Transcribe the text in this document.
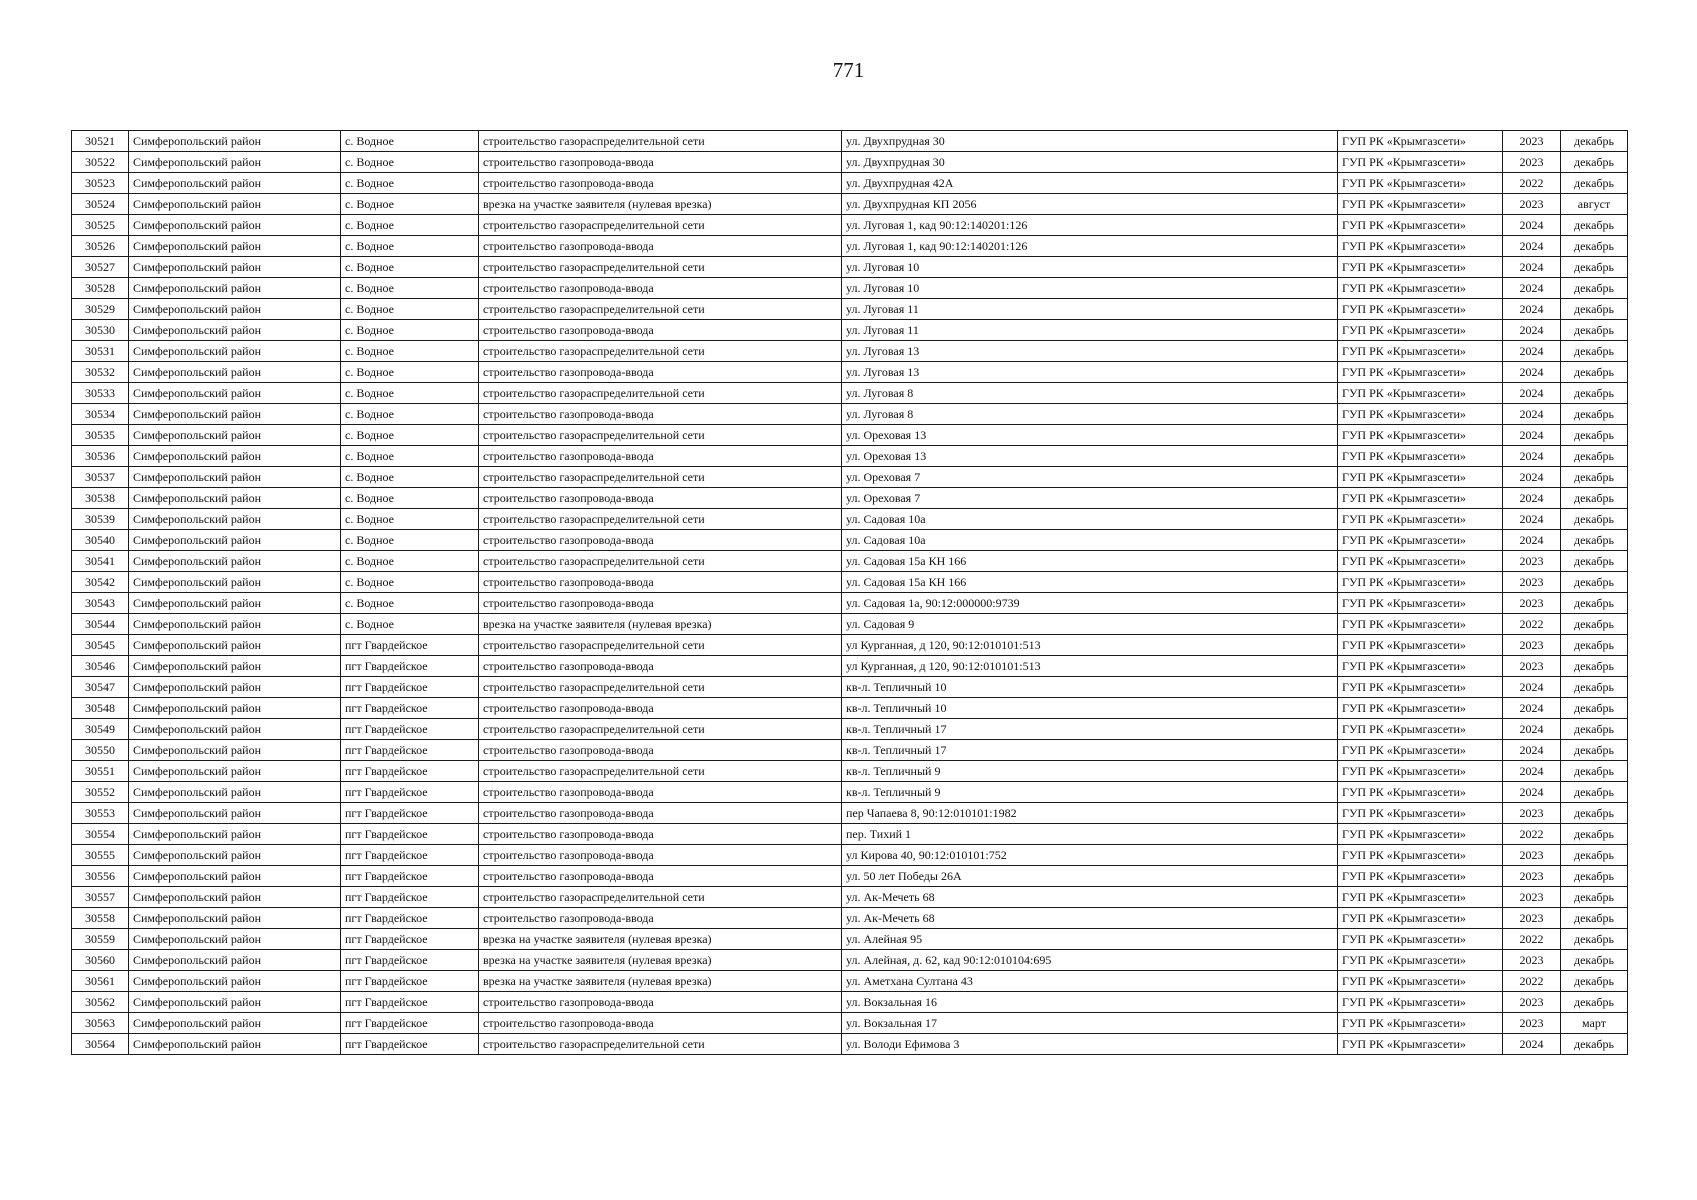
771
30521	Симферопольский район	с. Водное	строительство газораспределительной сети	ул. Двухпрудная 30	ГУП РК «Крымгазсети»	2023	декабрь
30522	Симферопольский район	с. Водное	строительство газопровода-ввода	ул. Двухпрудная 30	ГУП РК «Крымгазсети»	2023	декабрь
30523	Симферопольский район	с. Водное	строительство газопровода-ввода	ул. Двухпрудная 42А	ГУП РК «Крымгазсети»	2022	декабрь
30524	Симферопольский район	с. Водное	врезка на участке заявителя (нулевая врезка)	ул. Двухпрудная КП 2056	ГУП РК «Крымгазсети»	2023	август
30525	Симферопольский район	с. Водное	строительство газораспределительной сети	ул. Луговая 1, кад 90:12:140201:126	ГУП РК «Крымгазсети»	2024	декабрь
30526	Симферопольский район	с. Водное	строительство газопровода-ввода	ул. Луговая 1, кад 90:12:140201:126	ГУП РК «Крымгазсети»	2024	декабрь
30527	Симферопольский район	с. Водное	строительство газораспределительной сети	ул. Луговая 10	ГУП РК «Крымгазсети»	2024	декабрь
30528	Симферопольский район	с. Водное	строительство газопровода-ввода	ул. Луговая 10	ГУП РК «Крымгазсети»	2024	декабрь
30529	Симферопольский район	с. Водное	строительство газораспределительной сети	ул. Луговая 11	ГУП РК «Крымгазсети»	2024	декабрь
30530	Симферопольский район	с. Водное	строительство газопровода-ввода	ул. Луговая 11	ГУП РК «Крымгазсети»	2024	декабрь
30531	Симферопольский район	с. Водное	строительство газораспределительной сети	ул. Луговая 13	ГУП РК «Крымгазсети»	2024	декабрь
30532	Симферопольский район	с. Водное	строительство газопровода-ввода	ул. Луговая 13	ГУП РК «Крымгазсети»	2024	декабрь
30533	Симферопольский район	с. Водное	строительство газораспределительной сети	ул. Луговая 8	ГУП РК «Крымгазсети»	2024	декабрь
30534	Симферопольский район	с. Водное	строительство газопровода-ввода	ул. Луговая 8	ГУП РК «Крымгазсети»	2024	декабрь
30535	Симферопольский район	с. Водное	строительство газораспределительной сети	ул. Ореховая 13	ГУП РК «Крымгазсети»	2024	декабрь
30536	Симферопольский район	с. Водное	строительство газопровода-ввода	ул. Ореховая 13	ГУП РК «Крымгазсети»	2024	декабрь
30537	Симферопольский район	с. Водное	строительство газораспределительной сети	ул. Ореховая 7	ГУП РК «Крымгазсети»	2024	декабрь
30538	Симферопольский район	с. Водное	строительство газопровода-ввода	ул. Ореховая 7	ГУП РК «Крымгазсети»	2024	декабрь
30539	Симферопольский район	с. Водное	строительство газораспределительной сети	ул. Садовая 10а	ГУП РК «Крымгазсети»	2024	декабрь
30540	Симферопольский район	с. Водное	строительство газопровода-ввода	ул. Садовая 10а	ГУП РК «Крымгазсети»	2024	декабрь
30541	Симферопольский район	с. Водное	строительство газораспределительной сети	ул. Садовая 15а КН 166	ГУП РК «Крымгазсети»	2023	декабрь
30542	Симферопольский район	с. Водное	строительство газопровода-ввода	ул. Садовая 15а КН 166	ГУП РК «Крымгазсети»	2023	декабрь
30543	Симферопольский район	с. Водное	строительство газопровода-ввода	ул. Садовая 1а, 90:12:000000:9739	ГУП РК «Крымгазсети»	2023	декабрь
30544	Симферопольский район	с. Водное	врезка на участке заявителя (нулевая врезка)	ул. Садовая 9	ГУП РК «Крымгазсети»	2022	декабрь
30545	Симферопольский район	пгт Гвардейское	строительство газораспределительной сети	ул Курганная, д 120, 90:12:010101:513	ГУП РК «Крымгазсети»	2023	декабрь
30546	Симферопольский район	пгт Гвардейское	строительство газопровода-ввода	ул Курганная, д 120, 90:12:010101:513	ГУП РК «Крымгазсети»	2023	декабрь
30547	Симферопольский район	пгт Гвардейское	строительство газораспределительной сети	кв-л. Тепличный 10	ГУП РК «Крымгазсети»	2024	декабрь
30548	Симферопольский район	пгт Гвардейское	строительство газопровода-ввода	кв-л. Тепличный 10	ГУП РК «Крымгазсети»	2024	декабрь
30549	Симферопольский район	пгт Гвардейское	строительство газораспределительной сети	кв-л. Тепличный 17	ГУП РК «Крымгазсети»	2024	декабрь
30550	Симферопольский район	пгт Гвардейское	строительство газопровода-ввода	кв-л. Тепличный 17	ГУП РК «Крымгазсети»	2024	декабрь
30551	Симферопольский район	пгт Гвардейское	строительство газораспределительной сети	кв-л. Тепличный 9	ГУП РК «Крымгазсети»	2024	декабрь
30552	Симферопольский район	пгт Гвардейское	строительство газопровода-ввода	кв-л. Тепличный 9	ГУП РК «Крымгазсети»	2024	декабрь
30553	Симферопольский район	пгт Гвардейское	строительство газопровода-ввода	пер Чапаева 8, 90:12:010101:1982	ГУП РК «Крымгазсети»	2023	декабрь
30554	Симферопольский район	пгт Гвардейское	строительство газопровода-ввода	пер. Тихий 1	ГУП РК «Крымгазсети»	2022	декабрь
30555	Симферопольский район	пгт Гвардейское	строительство газопровода-ввода	ул Кирова 40, 90:12:010101:752	ГУП РК «Крымгазсети»	2023	декабрь
30556	Симферопольский район	пгт Гвардейское	строительство газопровода-ввода	ул. 50 лет Победы 26А	ГУП РК «Крымгазсети»	2023	декабрь
30557	Симферопольский район	пгт Гвардейское	строительство газораспределительной сети	ул. Ак-Мечеть 68	ГУП РК «Крымгазсети»	2023	декабрь
30558	Симферопольский район	пгт Гвардейское	строительство газопровода-ввода	ул. Ак-Мечеть 68	ГУП РК «Крымгазсети»	2023	декабрь
30559	Симферопольский район	пгт Гвардейское	врезка на участке заявителя (нулевая врезка)	ул. Алейная 95	ГУП РК «Крымгазсети»	2022	декабрь
30560	Симферопольский район	пгт Гвардейское	врезка на участке заявителя (нулевая врезка)	ул. Алейная, д. 62, кад 90:12:010104:695	ГУП РК «Крымгазсети»	2023	декабрь
30561	Симферопольский район	пгт Гвардейское	врезка на участке заявителя (нулевая врезка)	ул. Аметхана Султана 43	ГУП РК «Крымгазсети»	2022	декабрь
30562	Симферопольский район	пгт Гвардейское	строительство газопровода-ввода	ул. Вокзальная 16	ГУП РК «Крымгазсети»	2023	декабрь
30563	Симферопольский район	пгт Гвардейское	строительство газопровода-ввода	ул. Вокзальная 17	ГУП РК «Крымгазсети»	2023	март
30564	Симферопольский район	пгт Гвардейское	строительство газораспределительной сети	ул. Володи Ефимова 3	ГУП РК «Крымгазсети»	2024	декабрь
